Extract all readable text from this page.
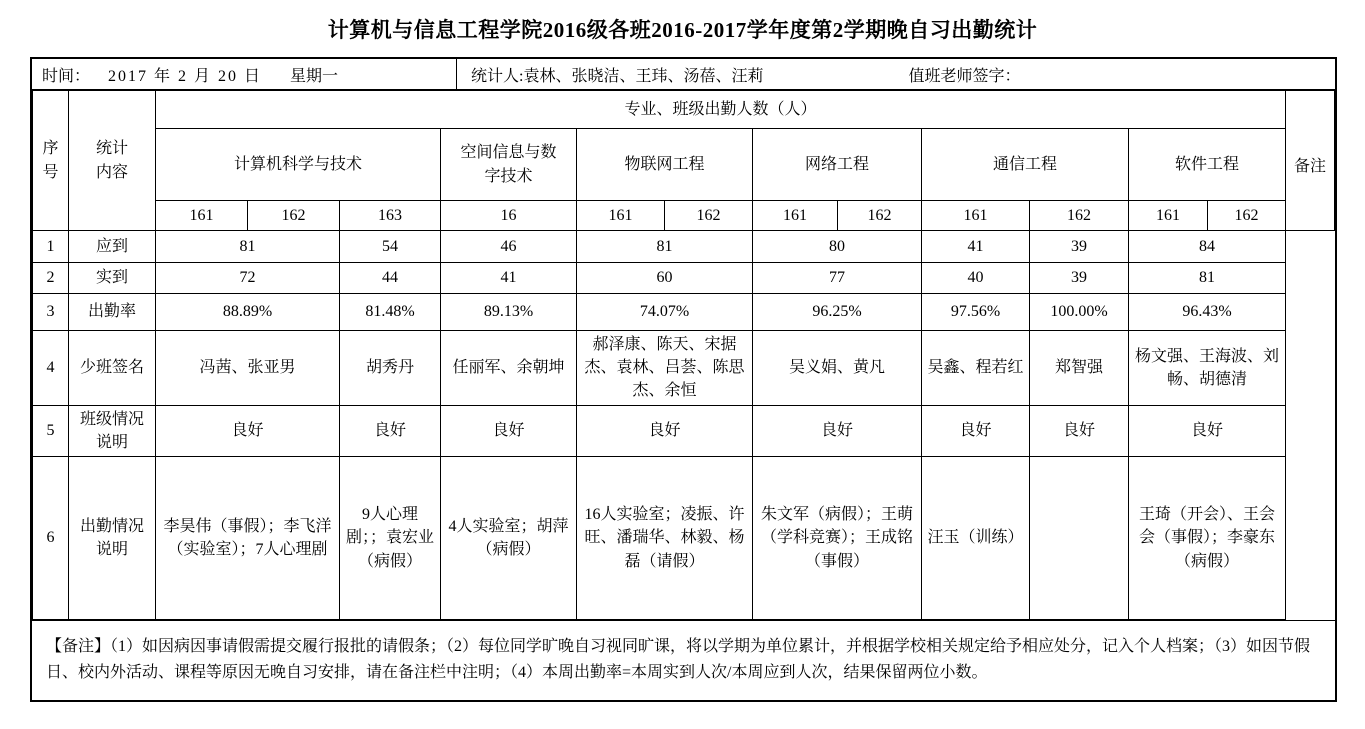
计算机与信息工程学院2016级各班2016-2017学年度第2学期晚自习出勤统计
时间： 2017 年 2 月 20 日 星期一	统计人:袁林、张晓洁、王玮、汤蓓、汪莉	值班老师签字：
序号	统计内容	专业、班级出勤人数（人）												备注
		计算机科学与技术			空间信息与数字技术	物联网工程		网络工程		通信工程		软件工程		
		161	162	163	16	161	162	161	162	161	162	161	162	
1	应到	81		54	46	81		80		41	39	84		
2	实到	72		44	41	60		77		40	39	81		
3	出勤率	88.89%		81.48%	89.13%	74.07%		96.25%		97.56%	100.00%	96.43%		
4	少班签名	冯茜、张亚男		胡秀丹	任丽军、余朝坤	郝泽康、陈天、宋据杰、袁林、吕荟、陈思杰、余恒		吴义娟、黄凡		吴鑫、程若红	郑智强	杨文强、王海波、刘畅、胡德清		
5	班级情况说明	良好		良好	良好	良好		良好		良好	良好	良好		
6	出勤情况说明	李昊伟（事假）；李飞洋（实验室）；7人心理剧		9人心理剧；；袁宏业（病假）	4人实验室；胡萍（病假）	16人实验室；凌振、许旺、潘瑞华、林毅、杨磊（请假）		朱文军（病假）；王萌（学科竞赛）；王成铭（事假）		汪玉（训练）		王琦（开会）、王会会（事假）；李豪东（病假）		
【备注】（1）如因病因事请假需提交履行报批的请假条；（2）每位同学旷晚自习视同旷课，将以学期为单位累计，并根据学校相关规定给予相应处分，记入个人档案；（3）如因节假日、校内外活动、课程等原因无晚自习安排，请在备注栏中注明；（4）本周出勤率=本周实到人次/本周应到人次，结果保留两位小数。
